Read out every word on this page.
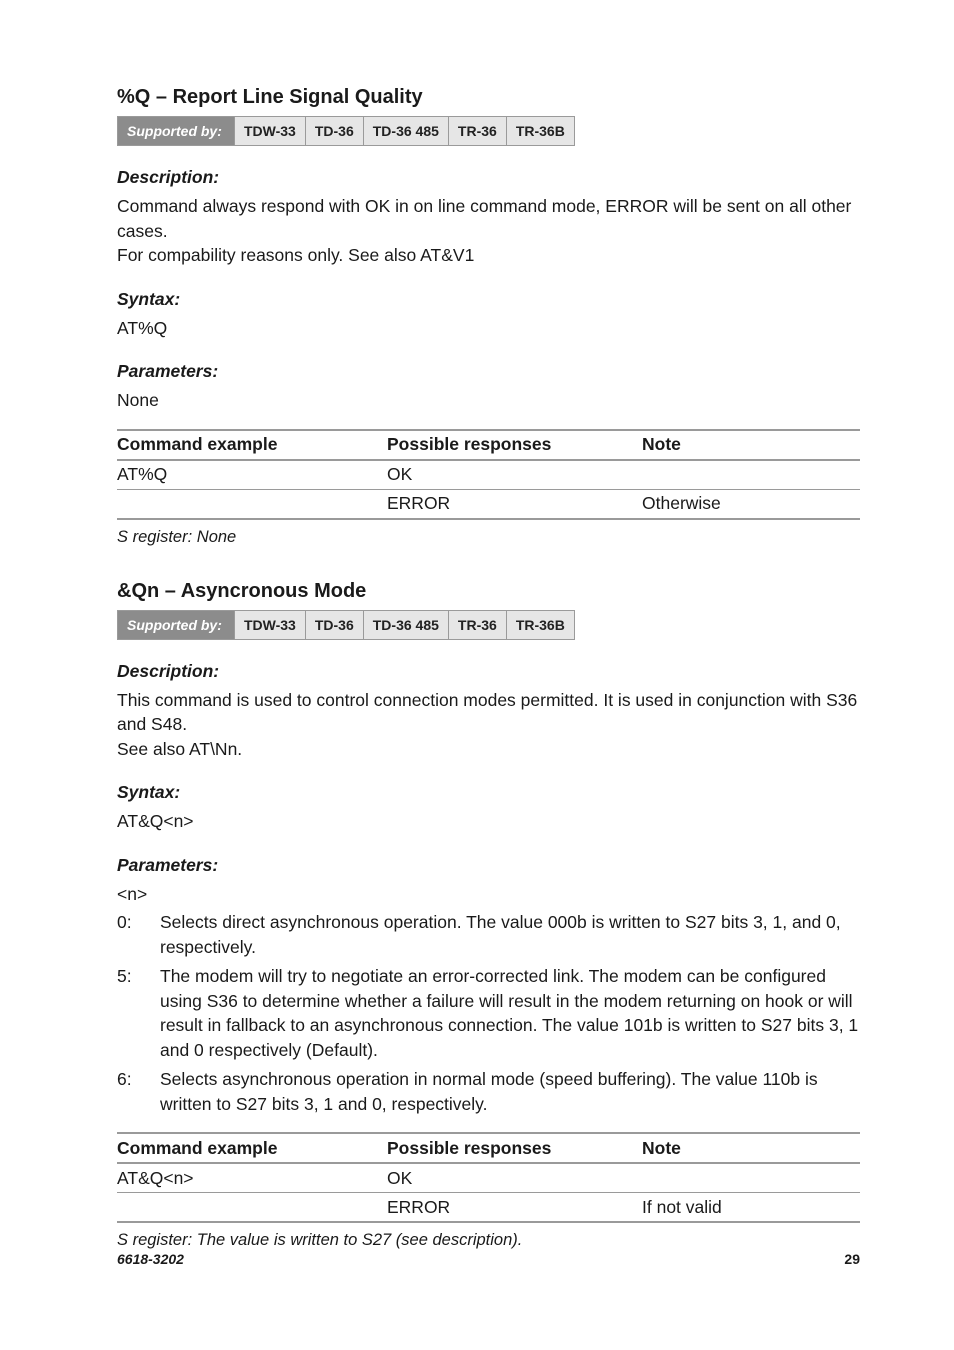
%Q – Report Line Signal Quality
Supported by:	TDW-33	TD-36	TD-36 485	TR-36	TR-36B
Description:

Command always respond with OK in on line command mode, ERROR will be sent on all other cases.

For compability reasons only. See also AT&V1

Syntax:

AT%Q

Parameters:

None

Command example	Possible responses	Note
AT%Q	OK	
	ERROR	Otherwise
S register: None
&Qn – Asyncronous Mode
Supported by:	TDW-33	TD-36	TD-36 485	TR-36	TR-36B
Description:

This command is used to control connection modes permitted. It is used in conjunction with S36 and S48.

See also AT\Nn.

Syntax:

AT&Q<n>

Parameters:

<n>

0:	Selects direct asynchronous operation. The value 000b is written to S27 bits 3, 1, and 0, respectively.
5:	The modem will try to negotiate an error-corrected link. The modem can be configured using S36 to determine whether a failure will result in the modem returning on hook or will result in fallback to an asynchronous connection. The value 101b is written to S27 bits 3, 1 and 0 respectively (Default).
6:	Selects asynchronous operation in normal mode (speed buffering). The value 110b is written to S27 bits 3, 1 and 0, respectively.
Command example	Possible responses	Note
AT&Q<n>	OK	
	ERROR	If not valid
S register: The value is written to S27 (see description).
6618-3202	29
